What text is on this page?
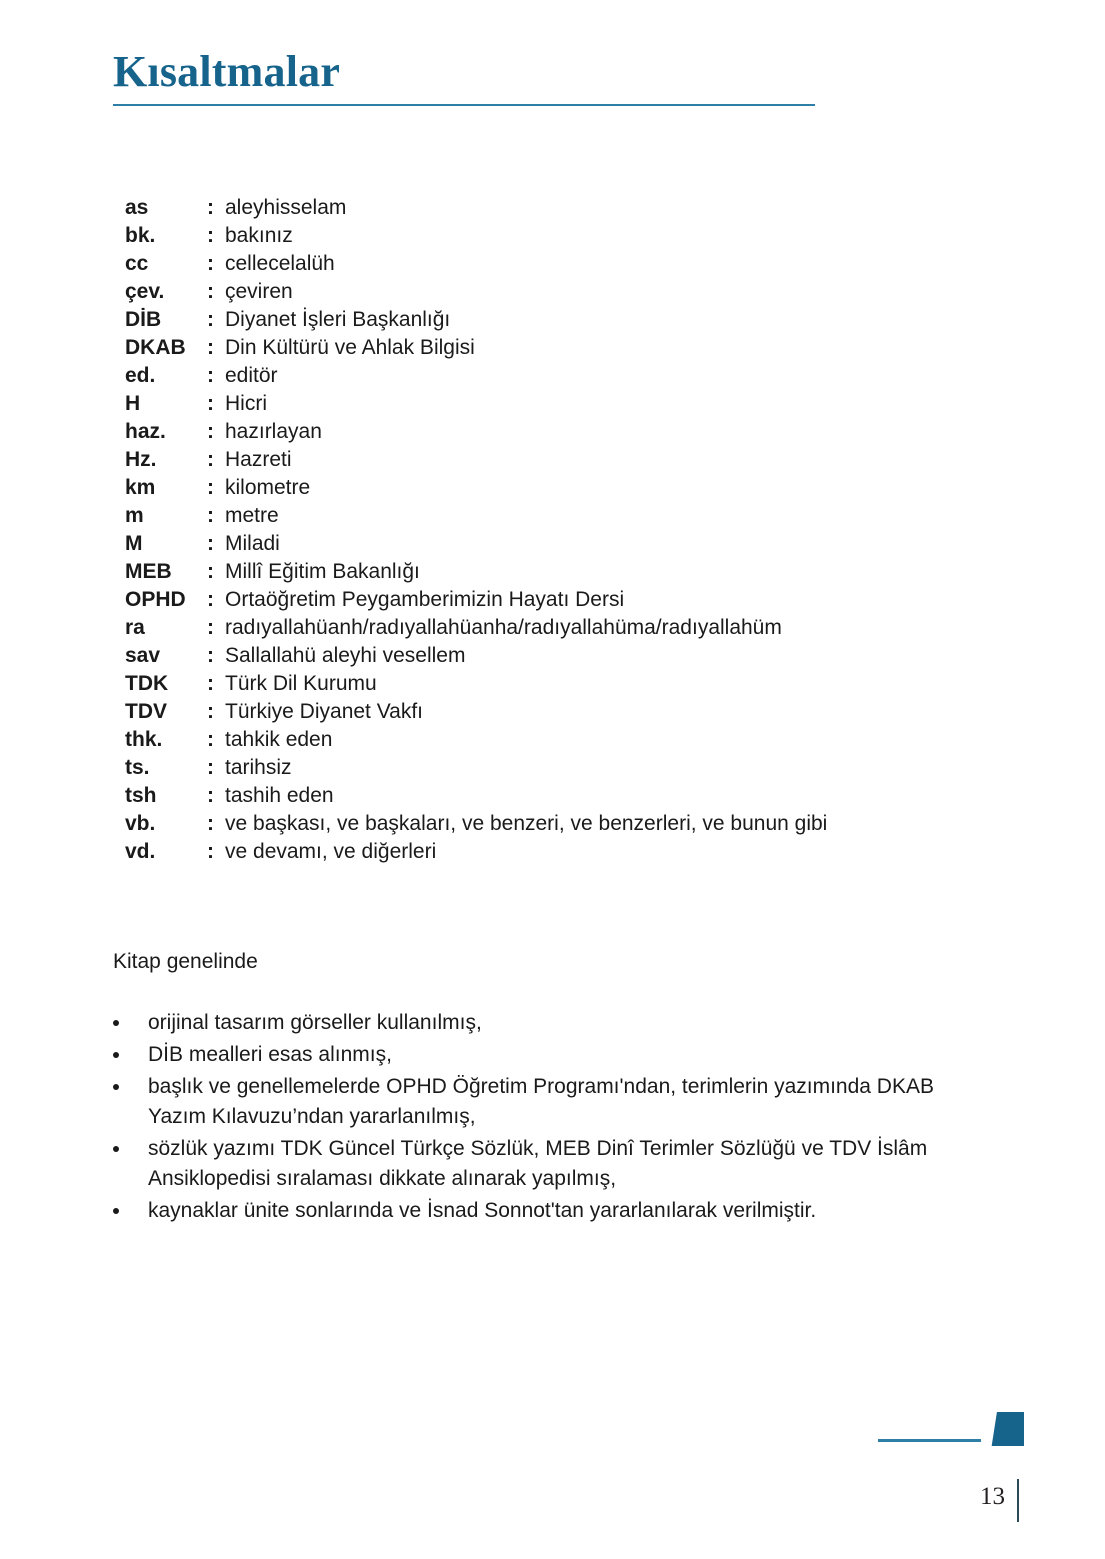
Kısaltmalar
as	: aleyhisselam
bk.	: bakınız
cc	: cellecelalüh
çev.	: çeviren
DİB	: Diyanet İşleri Başkanlığı
DKAB	: Din Kültürü ve Ahlak Bilgisi
ed.	: editör
H	: Hicri
haz.	: hazırlayan
Hz.	: Hazreti
km	: kilometre
m	: metre
M	: Miladi
MEB	: Millî Eğitim Bakanlığı
OPHD	: Ortaöğretim Peygamberimizin Hayatı Dersi
ra	: radıyallahüanh/radıyallahüanha/radıyallahüma/radıyallahüm
sav	: Sallallahü aleyhi vesellem
TDK	: Türk Dil Kurumu
TDV	: Türkiye Diyanet Vakfı
thk.	: tahkik eden
ts.	: tarihsiz
tsh	: tashih eden
vb.	: ve başkası, ve başkaları, ve benzeri, ve benzerleri, ve bunun gibi
vd.	: ve devamı, ve diğerleri
Kitap genelinde
orijinal tasarım görseller kullanılmış,
DİB mealleri esas alınmış,
başlık ve genellemelerde OPHD Öğretim Programı'ndan, terimlerin yazımında DKAB Yazım Kılavuzu’ndan yararlanılmış,
sözlük yazımı TDK Güncel Türkçe Sözlük, MEB Dinî Terimler Sözlüğü ve TDV İslâm Ansiklopedisi sıralaması dikkate alınarak yapılmış,
kaynaklar ünite sonlarında ve İsnad Sonnot'tan yararlanılarak verilmiştir.
13
